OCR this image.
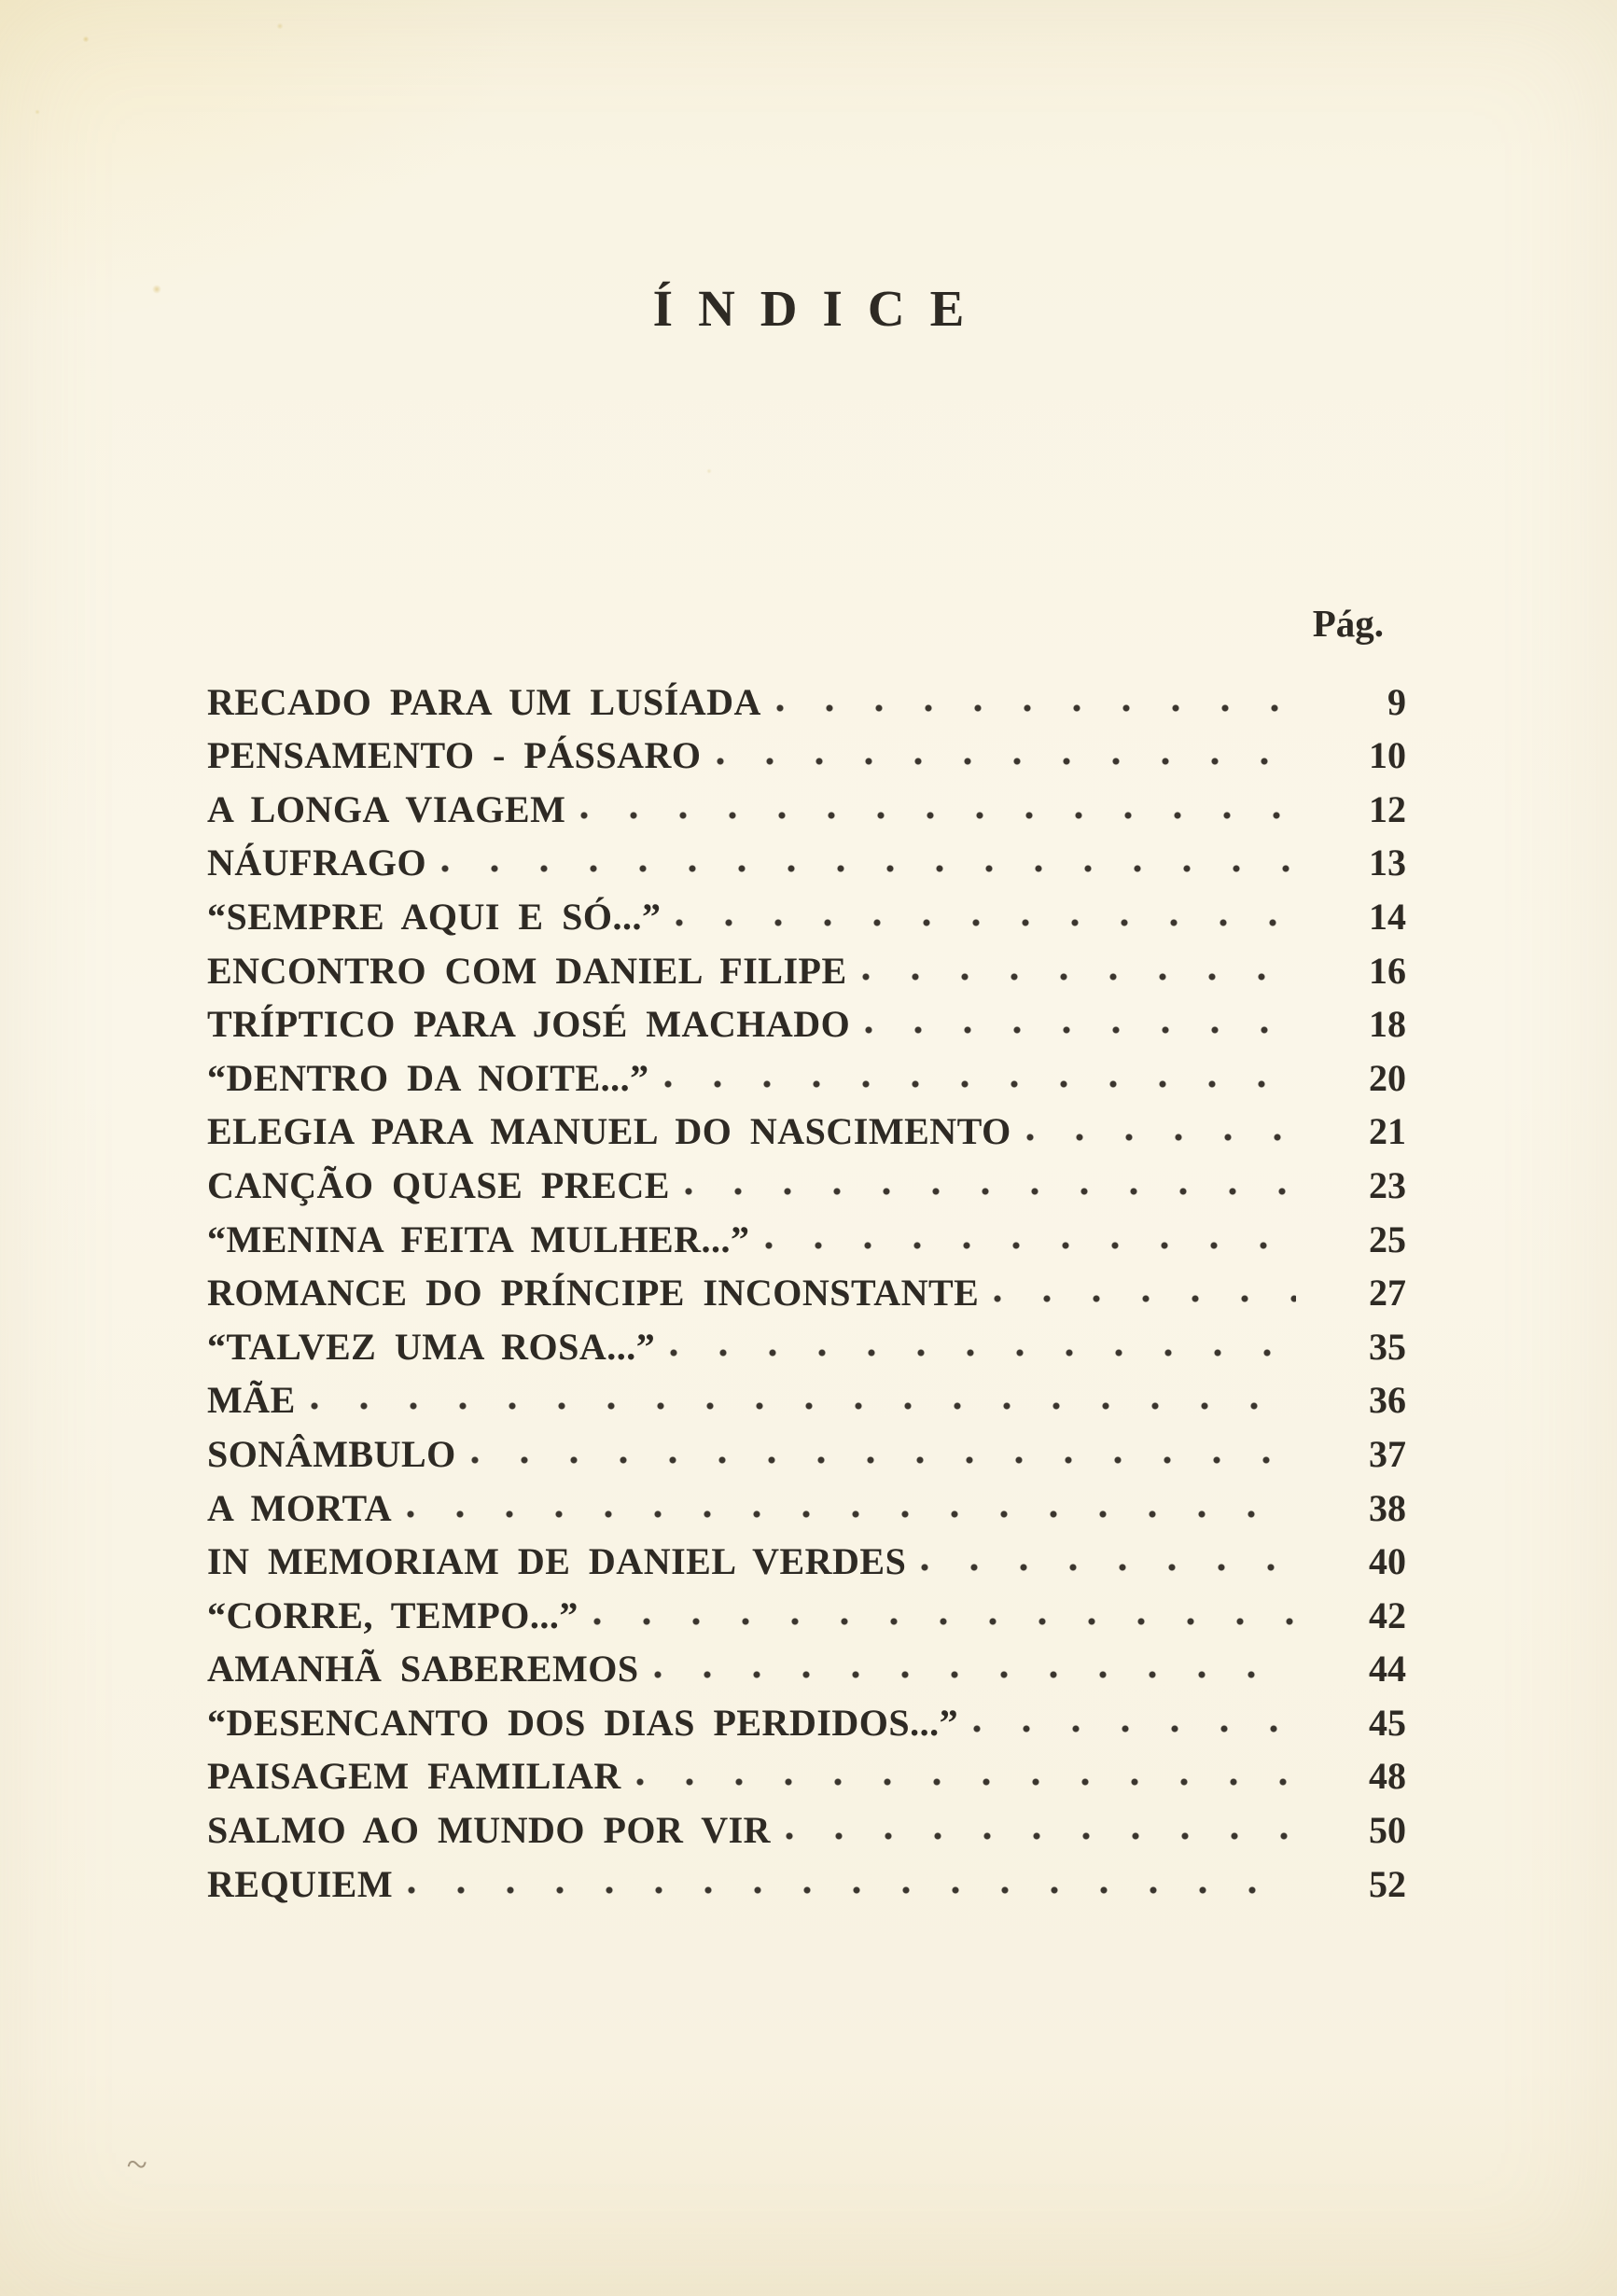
ÍNDICE
Pág.
RECADO PARA UM LUSÍADA	9
PENSAMENTO - PÁSSARO	10
A LONGA VIAGEM	12
NÁUFRAGO	13
“SEMPRE AQUI E SÓ...”	14
ENCONTRO COM DANIEL FILIPE	16
TRÍPTICO PARA JOSÉ MACHADO	18
“DENTRO DA NOITE...”	20
ELEGIA PARA MANUEL DO NASCIMENTO	21
CANÇÃO QUASE PRECE	23
“MENINA FEITA MULHER...”	25
ROMANCE DO PRÍNCIPE INCONSTANTE	27
“TALVEZ UMA ROSA...”	35
MÃE	36
SONÂMBULO	37
A MORTA	38
IN MEMORIAM DE DANIEL VERDES	40
“CORRE, TEMPO...”	42
AMANHÃ SABEREMOS	44
“DESENCANTO DOS DIAS PERDIDOS...”	45
PAISAGEM FAMILIAR	48
SALMO AO MUNDO POR VIR	50
REQUIEM	52
~
